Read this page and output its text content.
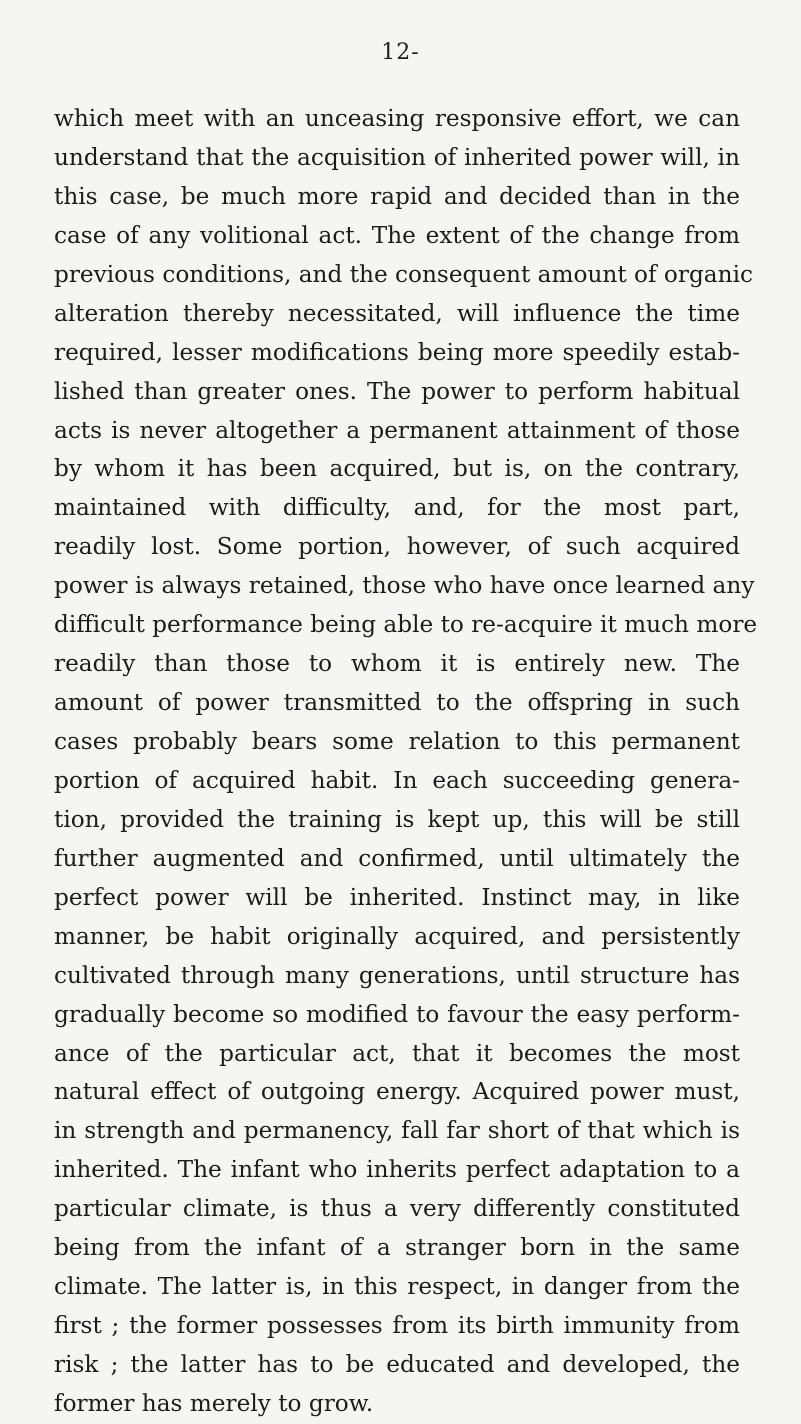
12-
which meet with an unceasing responsive effort, we can
understand that the acquisition of inherited power will, in
this case, be much more rapid and decided than in the
case of any volitional act. The extent of the change from
previous conditions, and the consequent amount of organic
alteration thereby necessitated, will influence the time
required, lesser modifications being more speedily estab-
lished than greater ones. The power to perform habitual
acts is never altogether a permanent attainment of those
by whom it has been acquired, but is, on the contrary,
maintained with difficulty, and, for the most part,
readily lost. Some portion, however, of such acquired
power is always retained, those who have once learned any
difficult performance being able to re-acquire it much more
readily than those to whom it is entirely new. The
amount of power transmitted to the offspring in such
cases probably bears some relation to this permanent
portion of acquired habit. In each succeeding genera-
tion, provided the training is kept up, this will be still
further augmented and confirmed, until ultimately the
perfect power will be inherited. Instinct may, in like
manner, be habit originally acquired, and persistently
cultivated through many generations, until structure has
gradually become so modified to favour the easy perform-
ance of the particular act, that it becomes the most
natural effect of outgoing energy. Acquired power must,
in strength and permanency, fall far short of that which is
inherited. The infant who inherits perfect adaptation to a
particular climate, is thus a very differently constituted
being from the infant of a stranger born in the same
climate. The latter is, in this respect, in danger from the
first ; the former possesses from its birth immunity from
risk ; the latter has to be educated and developed, the
former has merely to grow.
